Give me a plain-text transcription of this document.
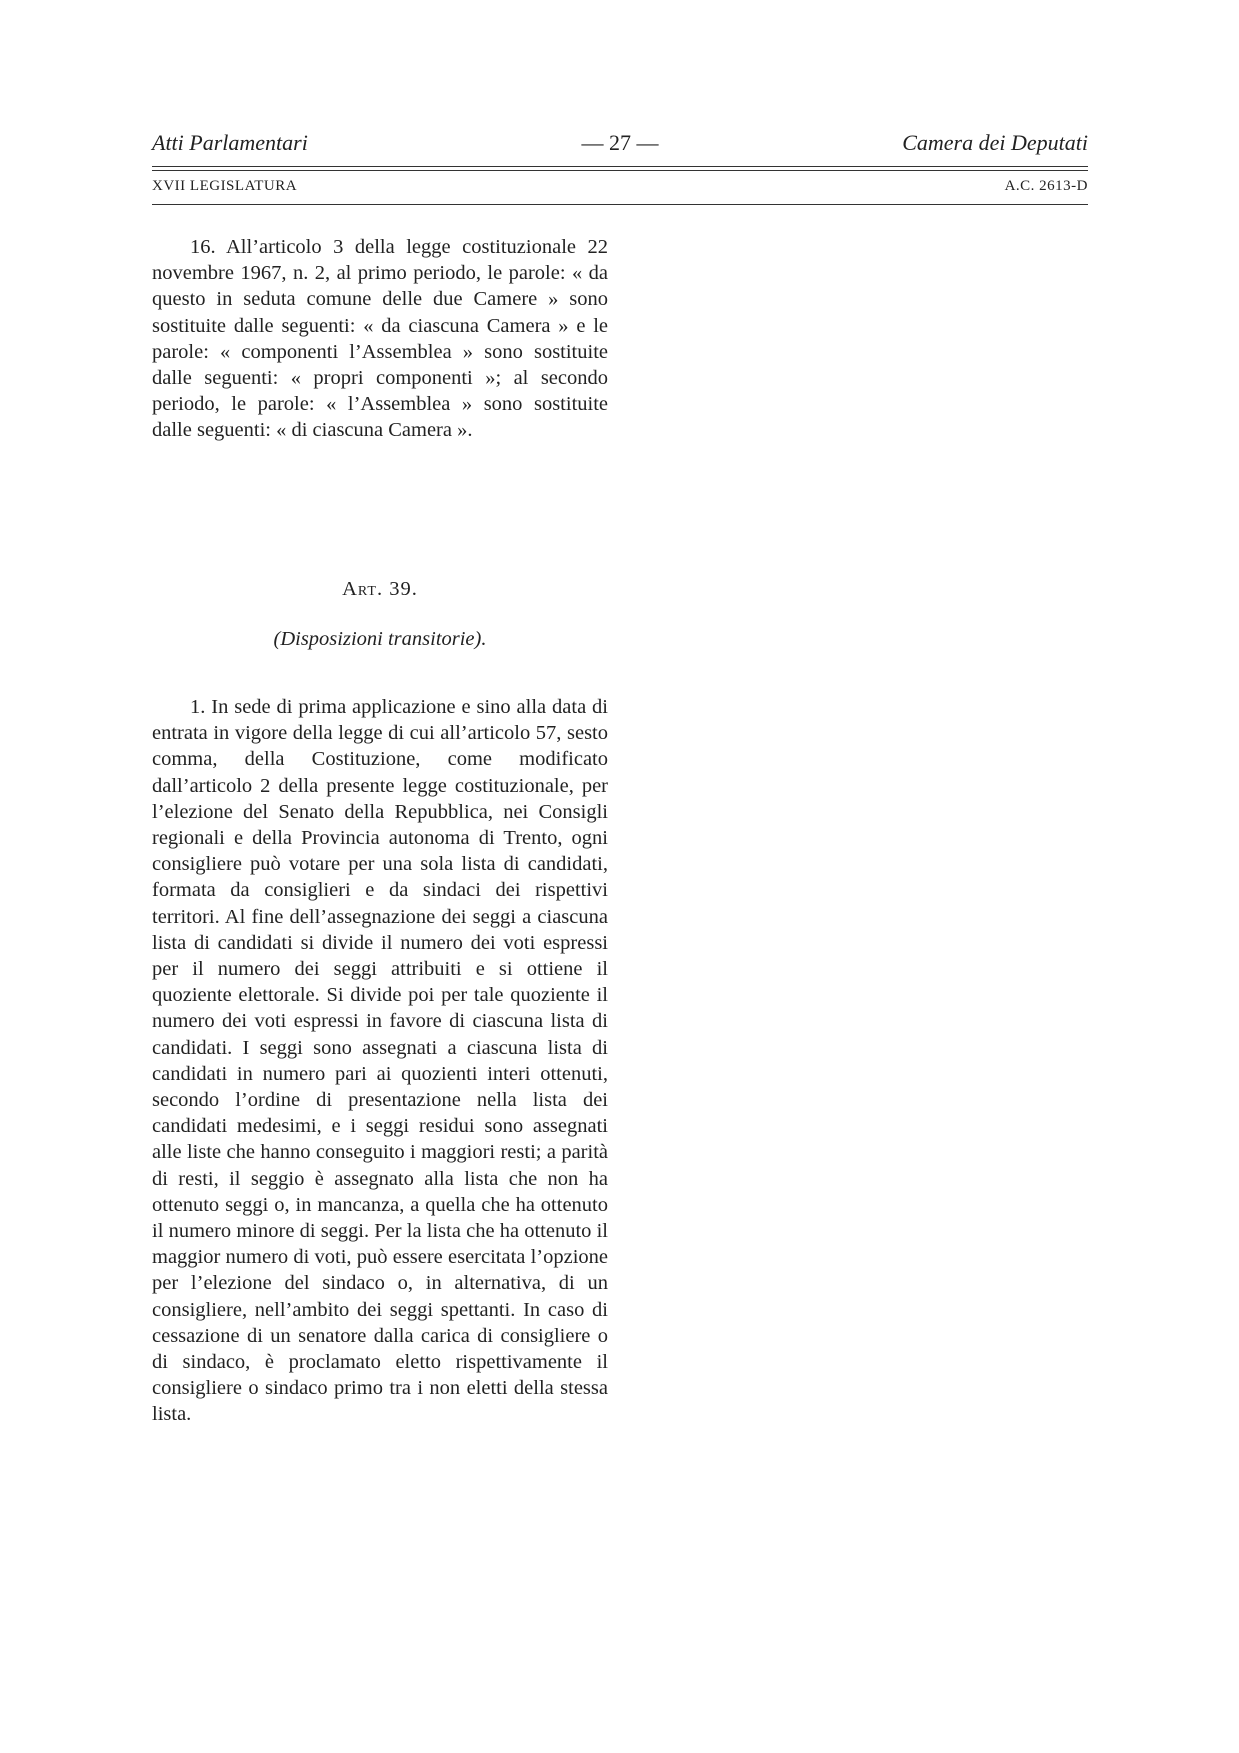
Atti Parlamentari	— 27 —	Camera dei Deputati
XVII LEGISLATURA	A.C. 2613-D

16. All’articolo 3 della legge costituzionale 22 novembre 1967, n. 2, al primo periodo, le parole: « da questo in seduta comune delle due Camere » sono sostituite dalle seguenti: « da ciascuna Camera » e le parole: « componenti l’Assemblea » sono sostituite dalle seguenti: « propri componenti »; al secondo periodo, le parole: « l’Assemblea » sono sostituite dalle seguenti: « di ciascuna Camera ».

Art. 39.
(Disposizioni transitorie).

1. In sede di prima applicazione e sino alla data di entrata in vigore della legge di cui all’articolo 57, sesto comma, della Costituzione, come modificato dall’articolo 2 della presente legge costituzionale, per l’elezione del Senato della Repubblica, nei Consigli regionali e della Provincia autonoma di Trento, ogni consigliere può votare per una sola lista di candidati, formata da consiglieri e da sindaci dei rispettivi territori. Al fine dell’assegnazione dei seggi a ciascuna lista di candidati si divide il numero dei voti espressi per il numero dei seggi attribuiti e si ottiene il quoziente elettorale. Si divide poi per tale quoziente il numero dei voti espressi in favore di ciascuna lista di candidati. I seggi sono assegnati a ciascuna lista di candidati in numero pari ai quozienti interi ottenuti, secondo l’ordine di presentazione nella lista dei candidati medesimi, e i seggi residui sono assegnati alle liste che hanno conseguito i maggiori resti; a parità di resti, il seggio è assegnato alla lista che non ha ottenuto seggi o, in mancanza, a quella che ha ottenuto il numero minore di seggi. Per la lista che ha ottenuto il maggior numero di voti, può essere esercitata l’opzione per l’elezione del sindaco o, in alternativa, di un consigliere, nell’ambito dei seggi spettanti. In caso di cessazione di un senatore dalla carica di consigliere o di sindaco, è proclamato eletto rispettivamente il consigliere o sindaco primo tra i non eletti della stessa lista.
